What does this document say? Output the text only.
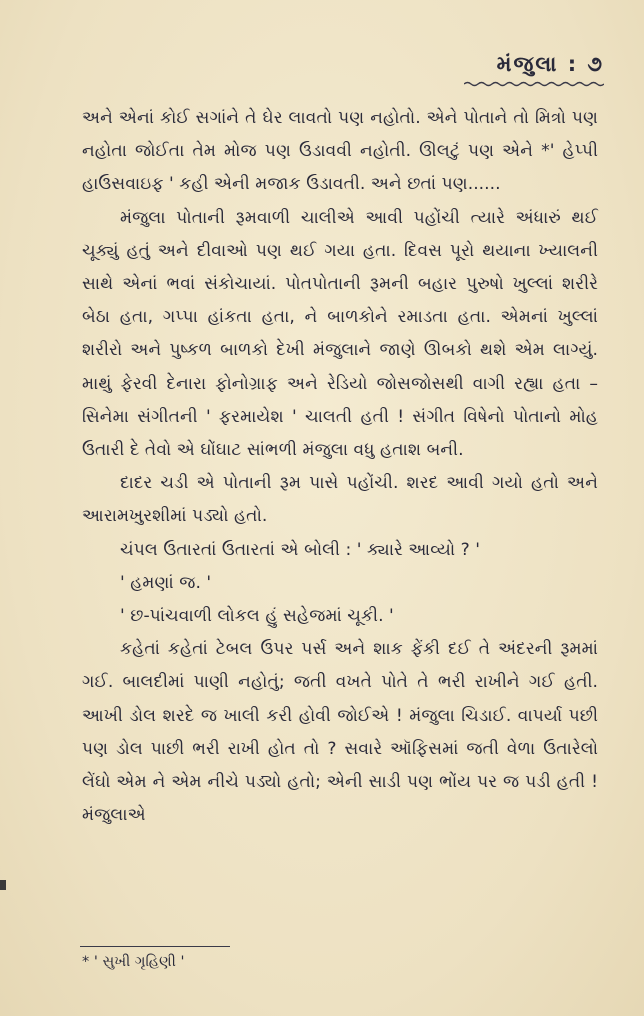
મંજુલા : ૭

અને એનાં કોઈ સગાંને તે ઘેર લાવતો પણ નહોતો. એને પોતાને તો મિત્રો પણ નહોતા જોઈતા તેમ મોજ પણ ઉડાવવી નહોતી. ઊલટું પણ એને *' હેપ્પી હાઉસવાઇફ ' કહી એની મજાક ઉડાવતી. અને છતાં પણ......

મંજુલા પોતાની રૂમવાળી ચાલીએ આવી પહોંચી ત્યારે અંધારું થઈ ચૂક્યું હતું અને દીવાઓ પણ થઈ ગયા હતા. દિવસ પૂરો થયાના ખ્યાલની સાથે એનાં ભવાં સંકોચાયાં. પોતપોતાની રૂમની બહાર પુરુષો ખુલ્લાં શરીરે બેઠા હતા, ગપ્પા હાંકતા હતા, ને બાળકોને રમાડતા હતા. એમનાં ખુલ્લાં શરીરો અને પુષ્કળ બાળકો દેખી મંજુલાને જાણે ઊબકો થશે એમ લાગ્યું. માથું ફેરવી દેનારા ફોનોગ્રાફ અને રેડિયો જોસજોસથી વાગી રહ્યા હતા – સિનેમા સંગીતની ' ફરમાયેશ ' ચાલતી હતી ! સંગીત વિષેનો પોતાનો મોહ ઉતારી દે તેવો એ ઘોંઘાટ સાંભળી મંજુલા વધુ હતાશ બની.

દાદર ચડી એ પોતાની રૂમ પાસે પહોંચી. શરદ આવી ગયો હતો અને આરામખુરશીમાં પડ્યો હતો.

ચંપલ ઉતારતાં ઉતારતાં એ બોલી : ' ક્યારે આવ્યો ? '

' હમણાં જ. '

' છ-પાંચવાળી લોકલ હું સહેજમાં ચૂકી. '

કહેતાં કહેતાં ટેબલ ઉપર પર્સ અને શાક ફેંકી દઈ તે અંદરની રૂમમાં ગઈ. બાલદીમાં પાણી નહોતું; જતી વખતે પોતે તે ભરી રાખીને ગઈ હતી. આખી ડોલ શરદે જ ખાલી કરી હોવી જોઈએ ! મંજુલા ચિડાઈ. વાપર્યા પછી પણ ડોલ પાછી ભરી રાખી હોત તો ? સવારે ઑફિસમાં જતી વેળા ઉતારેલો લેંઘો એમ ને એમ નીચે પડ્યો હતો; એની સાડી પણ ભોંય પર જ પડી હતી ! મંજુલાએ

* ' સુખી ગૃહિણી '
